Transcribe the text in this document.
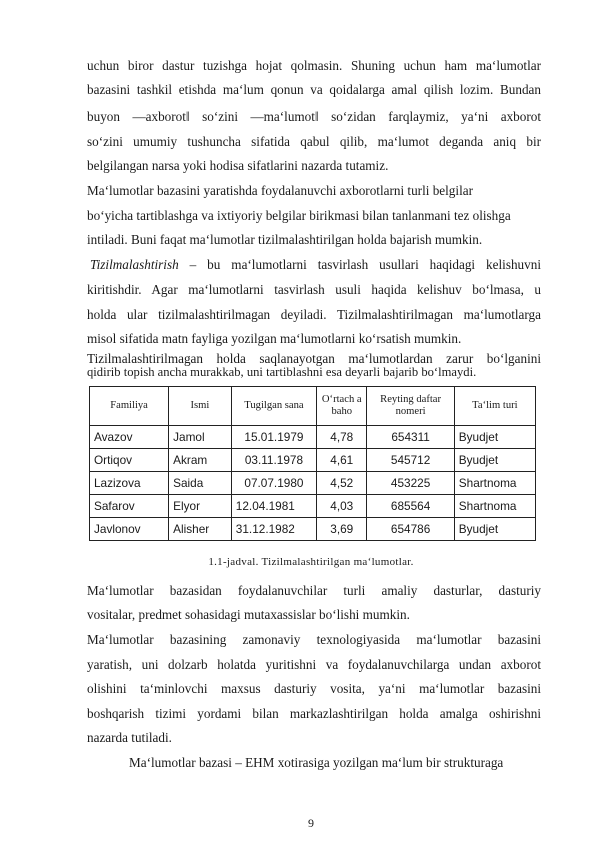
uchun biror dastur tuzishga hojat qolmasin. Shuning uchun ham ma‘lumotlar
bazasini tashkil etishda ma‘lum qonun va qoidalarga amal qilish lozim. Bundan
buyon ―axborot‖ so‘zini ―ma‘lumot‖ so‘zidan farqlaymiz, ya‘ni axborot
so‘zini umumiy tushuncha sifatida qabul qilib, ma‘lumot deganda aniq bir
belgilangan narsa yoki hodisa sifatlarini nazarda tutamiz.
Ma‘lumotlar bazasini yaratishda foydalanuvchi axborotlarni turli belgilar
bo‘yicha tartiblashga va ixtiyoriy belgilar birikmasi bilan tanlanmani tez olishga
intiladi. Buni faqat ma‘lumotlar tizilmalashtirilgan holda bajarish mumkin.
Tizilmalashtirish – bu ma‘lumotlarni tasvirlash usullari haqidagi kelishuvni
kiritishdir. Agar ma‘lumotlarni tasvirlash usuli haqida kelishuv bo‘lmasa, u
holda ular tizilmalashtirilmagan deyiladi. Tizilmalashtirilmagan ma‘lumotlarga
misol sifatida matn fayliga yozilgan ma‘lumotlarni ko‘rsatish mumkin.
Tizilmalashtirilmagan holda saqlanayotgan ma‘lumotlardan zarur bo‘lganini
qidirib topish ancha murakkab, uni tartiblashni esa deyarli bajarib bo‘lmaydi.
Familiya	Ismi	Tugilgan sana	O‘rtach a baho	Reyting daftar nomeri	Ta‘lim turi
Avazov	Jamol	15.01.1979	4,78	654311	Byudjet
Ortiqov	Akram	03.11.1978	4,61	545712	Byudjet
Lazizova	Saida	07.07.1980	4,52	453225	Shartnoma
Safarov	Elyor	12.04.1981	4,03	685564	Shartnoma
Javlonov	Alisher	31.12.1982	3,69	654786	Byudjet
1.1-jadval. Tizilmalashtirilgan ma‘lumotlar.
Ma‘lumotlar bazasidan foydalanuvchilar turli amaliy dasturlar, dasturiy
vositalar, predmet sohasidagi mutaxassislar bo‘lishi mumkin.
Ma‘lumotlar bazasining zamonaviy texnologiyasida ma‘lumotlar bazasini
yaratish, uni dolzarb holatda yuritishni va foydalanuvchilarga undan axborot
olishini ta‘minlovchi maxsus dasturiy vosita, ya‘ni ma‘lumotlar bazasini
boshqarish tizimi yordami bilan markazlashtirilgan holda amalga oshirishni
nazarda tutiladi.
Ma‘lumotlar bazasi – EHM xotirasiga yozilgan ma‘lum bir strukturaga
9
